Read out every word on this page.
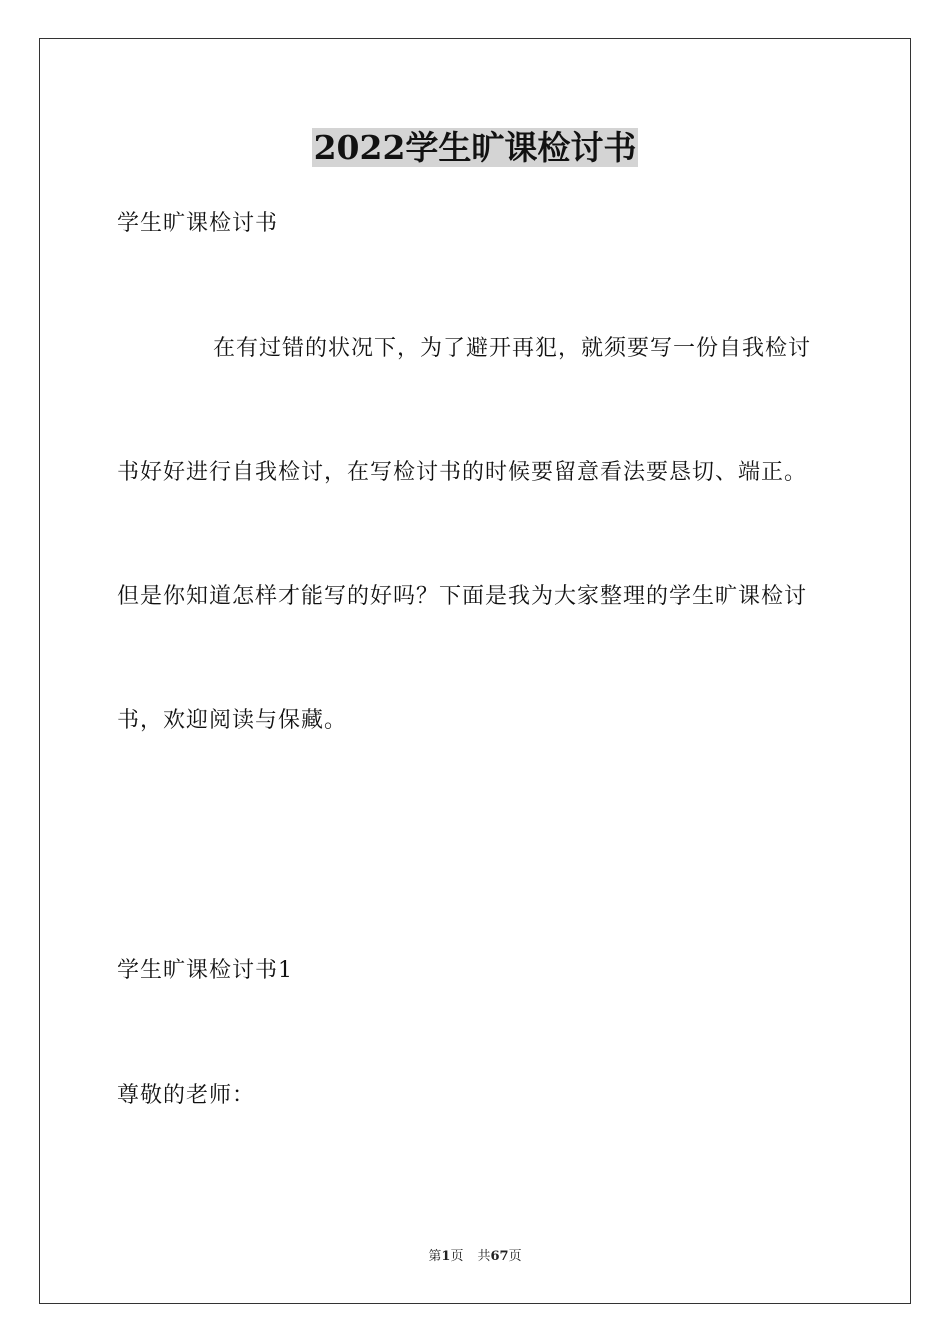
2022学生旷课检讨书
学生旷课检讨书
在有过错的状况下，为了避开再犯，就须要写一份自我检讨
书好好进行自我检讨，在写检讨书的时候要留意看法要恳切、端正。
但是你知道怎样才能写的好吗？下面是我为大家整理的学生旷课检讨
书，欢迎阅读与保藏。
学生旷课检讨书1
尊敬的老师：
第1页 共67页
